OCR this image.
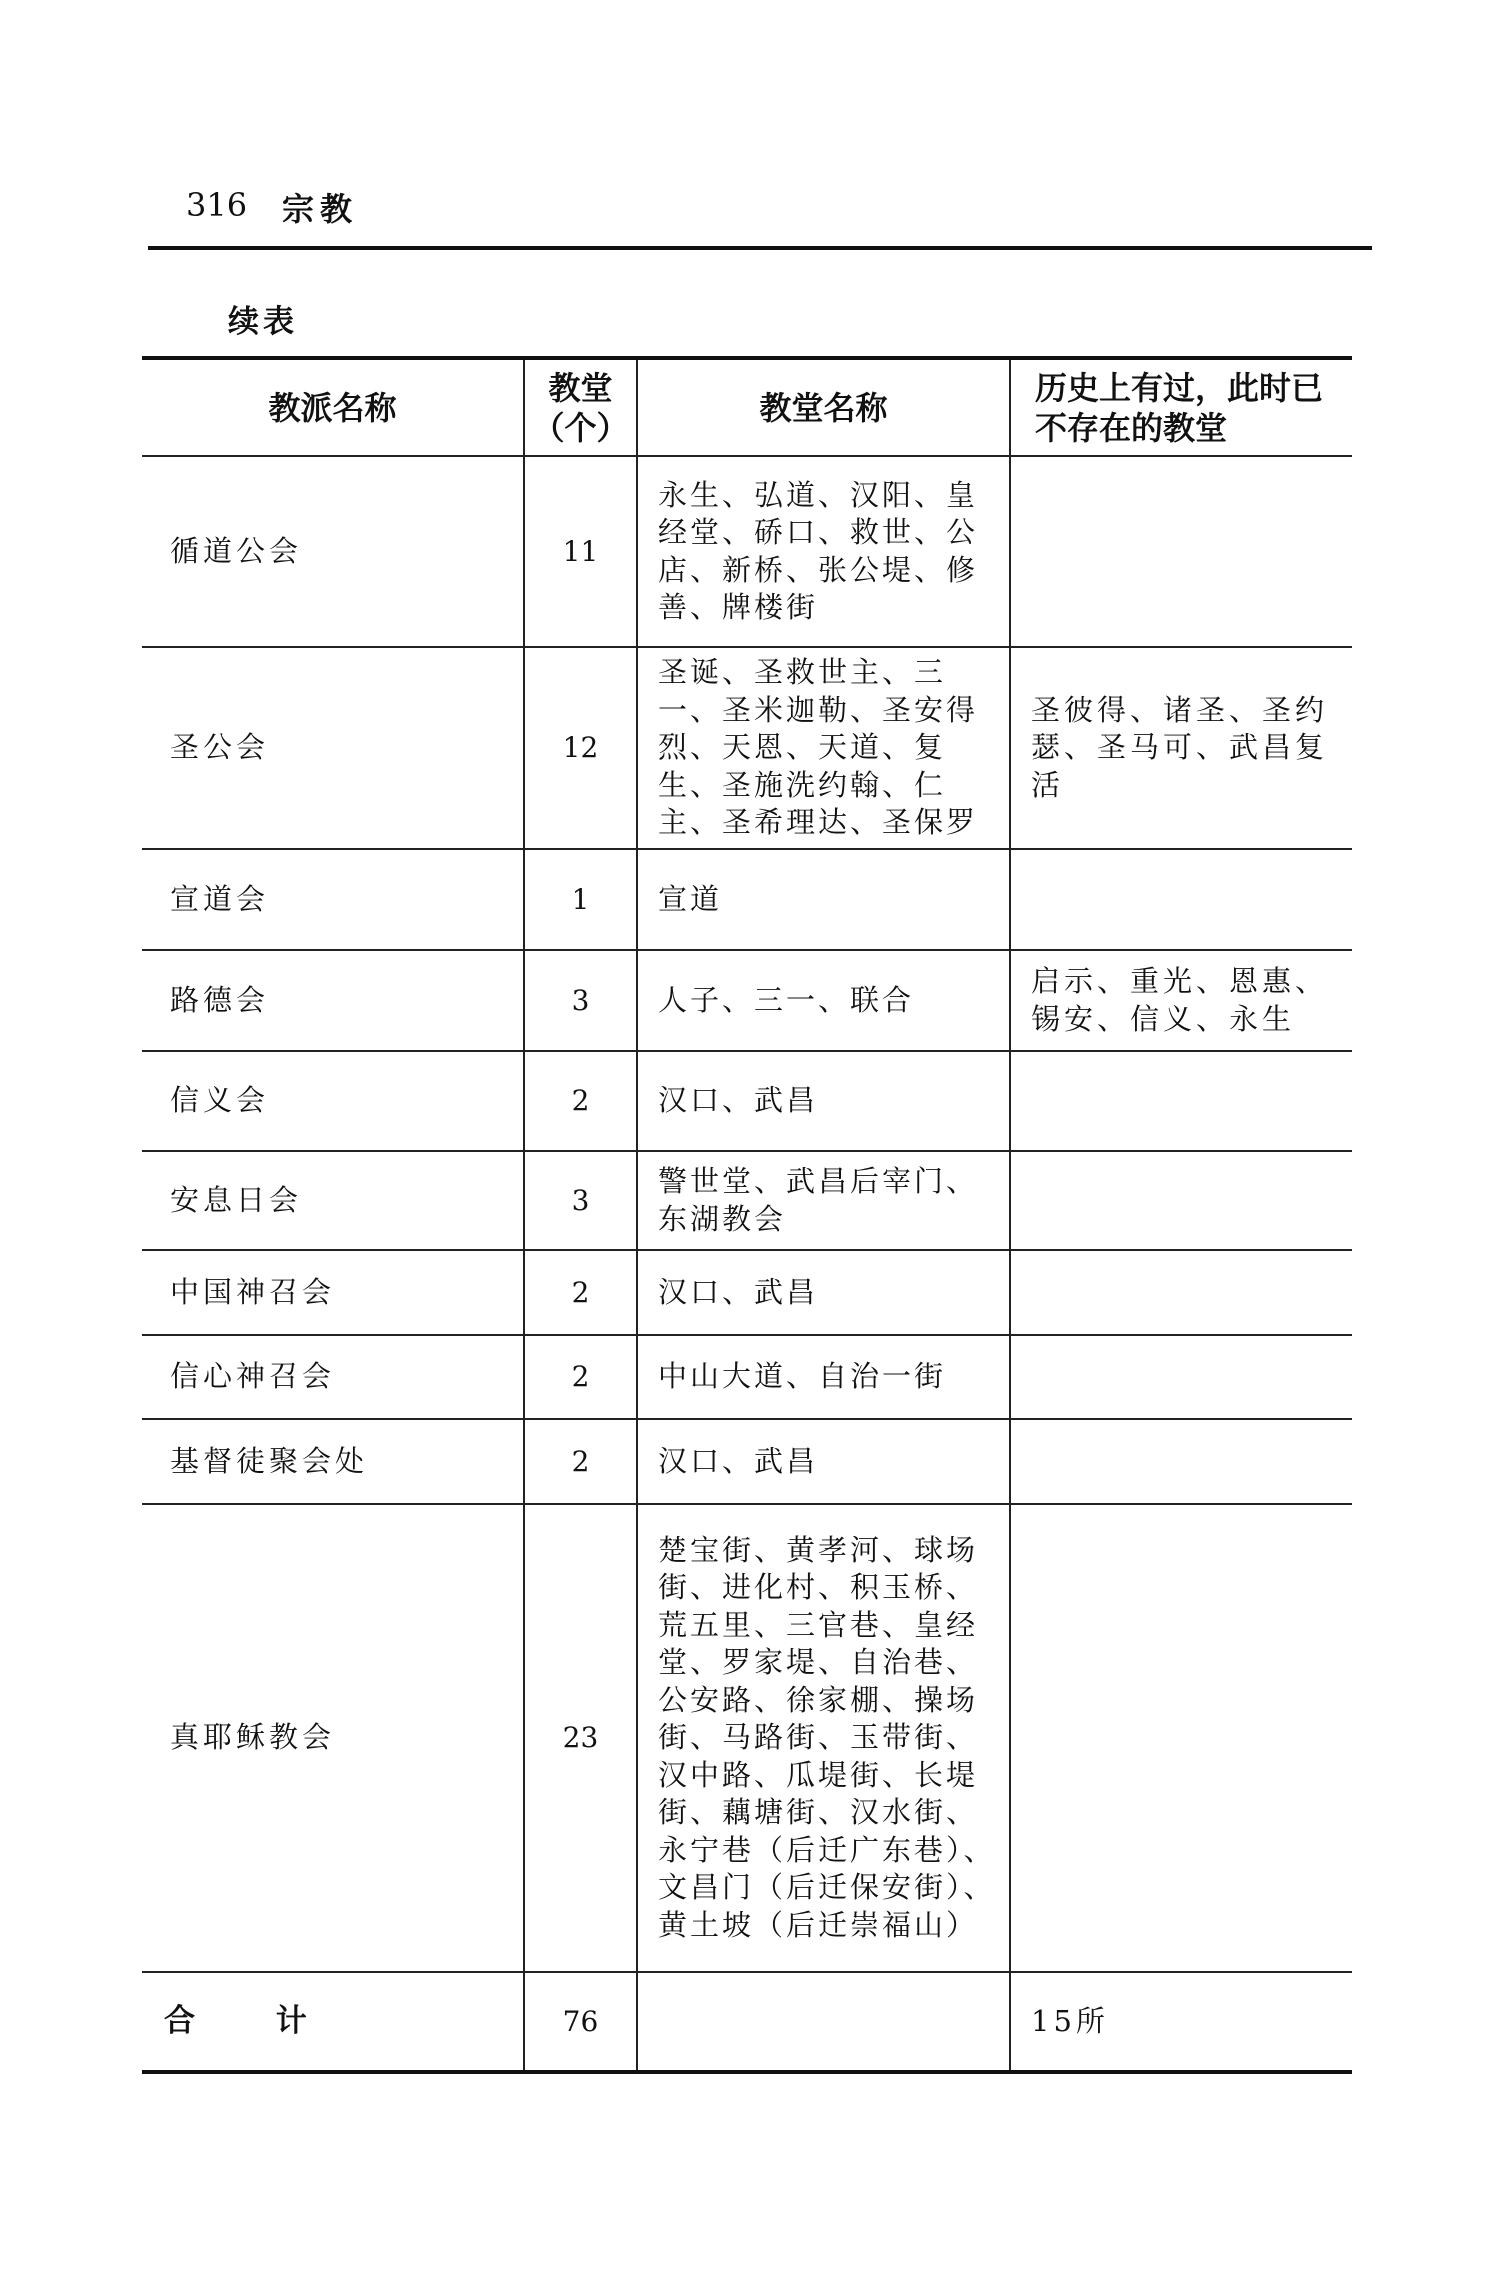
316 宗教
续表
教派名称	教堂（个）	教堂名称	历史上有过，此时已不存在的教堂
循道公会	11	永生、弘道、汉阳、皇经堂、硚口、救世、公店、新桥、张公堤、修善、牌楼街	
圣公会	12	圣诞、圣救世主、三一、圣米迦勒、圣安得烈、天恩、天道、复生、圣施洗约翰、仁主、圣希理达、圣保罗	圣彼得、诸圣、圣约瑟、圣马可、武昌复活
宣道会	1	宣道	
路德会	3	人子、三一、联合	启示、重光、恩惠、锡安、信义、永生
信义会	2	汉口、武昌	
安息日会	3	警世堂、武昌后宰门、东湖教会	
中国神召会	2	汉口、武昌	
信心神召会	2	中山大道、自治一街	
基督徒聚会处	2	汉口、武昌	
真耶稣教会	23	楚宝街、黄孝河、球场街、进化村、积玉桥、荒五里、三官巷、皇经堂、罗家堤、自治巷、公安路、徐家棚、操场街、马路街、玉带街、汉中路、瓜堤街、长堤街、藕塘街、汉水街、永宁巷（后迁广东巷）、文昌门（后迁保安街）、黄土坡（后迁崇福山）	
合 计	76		15所
